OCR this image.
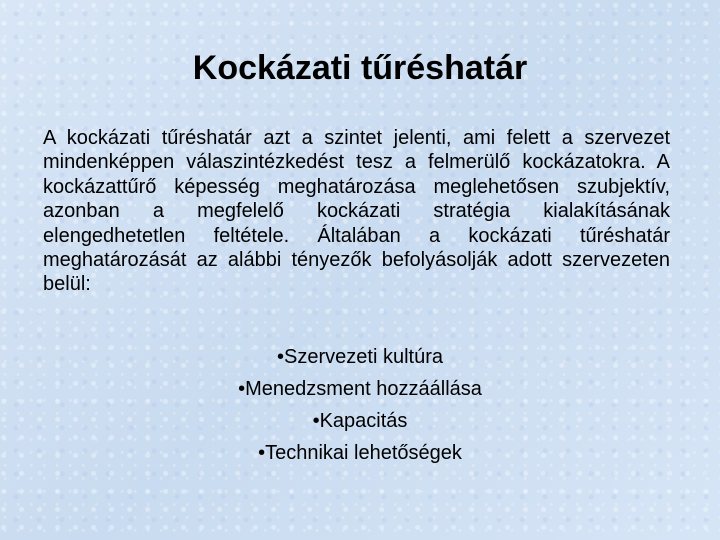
Kockázati tűréshatár

A kockázati tűréshatár azt a szintet jelenti, ami felett a szervezet mindenképpen válaszintézkedést tesz a felmerülő kockázatokra. A kockázattűrő képesség meghatározása meglehetősen szubjektív, azonban a megfelelő kockázati stratégia kialakításának elengedhetetlen feltétele. Általában a kockázati tűréshatár meghatározását az alábbi tényezők befolyásolják adott szervezeten belül:

•Szervezeti kultúra
•Menedzsment hozzáállása
•Kapacitás
•Technikai lehetőségek
